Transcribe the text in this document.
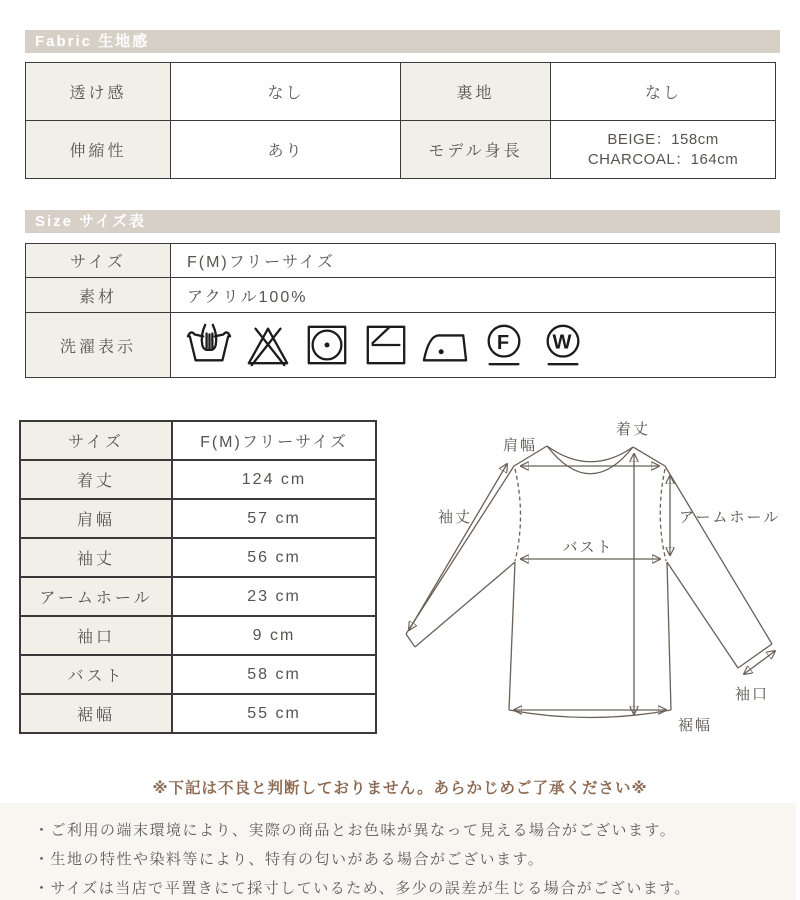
Fabric 生地感
透け感	なし	裏地	なし
伸縮性	あり	モデル身長	BEIGE：158cm
CHARCOAL：164cm
Size サイズ表
サイズ	F(M)フリーサイズ
素材	アクリル100%
洗濯表示	F W
サイズ	F(M)フリーサイズ
着丈	124 cm
肩幅	57 cm
袖丈	56 cm
アームホール	23 cm
袖口	9 cm
バスト	58 cm
裾幅	55 cm
着丈
肩幅
袖丈	アームホール
バスト
袖口
裾幅
※下記は不良と判断しておりません。あらかじめご了承ください※
・ご利用の端末環境により、実際の商品とお色味が異なって見える場合がございます。
・生地の特性や染料等により、特有の匂いがある場合がございます。
・サイズは当店で平置きにて採寸しているため、多少の誤差が生じる場合がございます。
